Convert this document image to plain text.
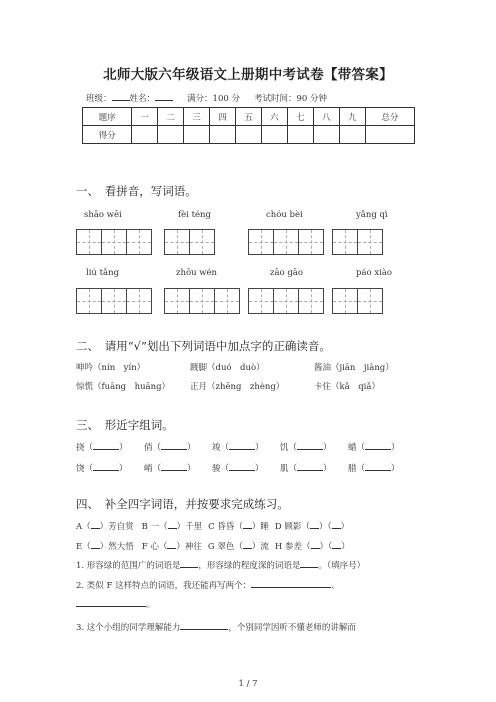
北师大版六年级语文上册期中考试卷【带答案】
班级： 姓名：	满分：100 分 考试时间：90 分钟
题序	一	二	三	四	五	六	七	八	九	总分
得分										
一、　看拼音，写词语。
shāo wēi	fèi téng	chóu bèi	yǎng qì
liú tǎng	zhōu wén	zāo gāo	páo xiào
二、　请用“√”划出下列词语中加点字的正确读音。
呻吟（nín　yín）	踱脚（duó　duò）	酱油（jiān　jiàng）
惊慌（fuāng　huāng） 正月（zhēng　zhèng）	卡住（kǎ　qiǎ）
三、　形近字组词。
挠（	） 俏（	） 竣（	） 饥（	） 蜡（	）
饶（	） 峭（	） 骏（	） 肌（	） 腊（	）
四、　补全四字词语，并按要求完成练习。
A（ ）芳自赏 B 一（ ）千里 C 昏昏（ ）睡 D 顾影（ ）（ ）
E（ ）然大悟 F 心（ ）神往 G 翠色（ ）流 H 参差（ ）（ ）
1. 形容绿的范围广的词语是 ，形容绿的程度深的词语是 。（填序号）
2. 类似 F 这样特点的词语，我还能再写两个：	、
。
3. 这个小组的同学理解能力	，个别同学因听不懂老师的讲解而
1 / 7
